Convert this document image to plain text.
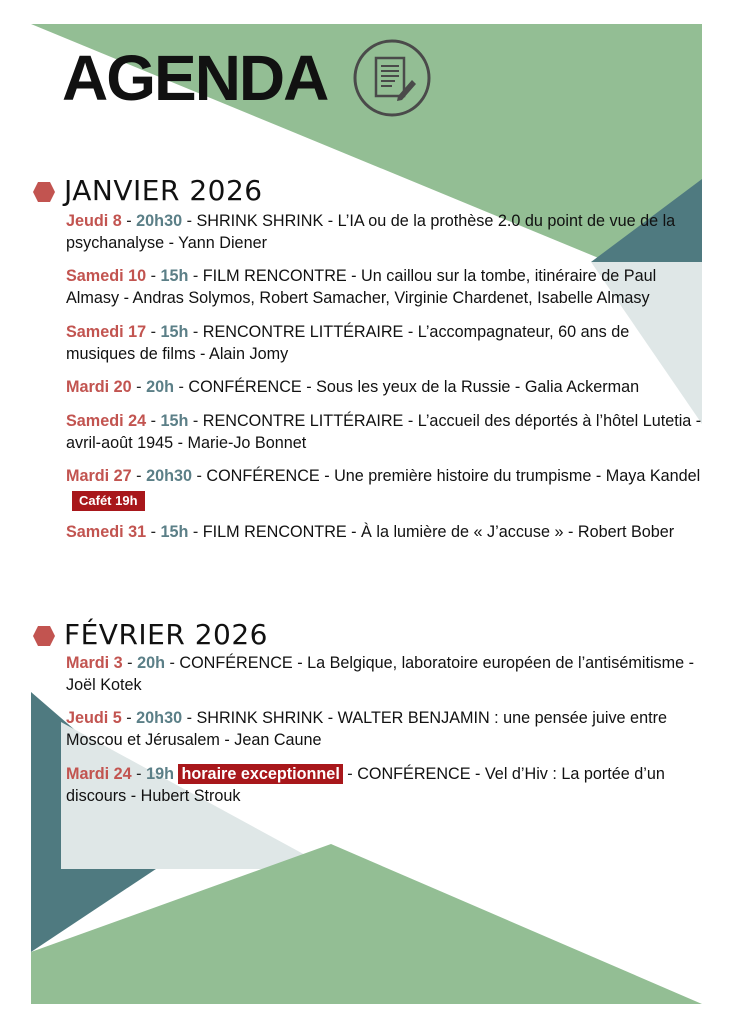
AGENDA
JANVIER 2026
Jeudi 8 - 20h30 - SHRINK SHRINK - L’IA ou de la prothèse 2.0 du point de vue de la psychanalyse - Yann Diener
Samedi 10 - 15h - FILM RENCONTRE - Un caillou sur la tombe, itinéraire de Paul Almasy - Andras Solymos, Robert Samacher, Virginie Chardenet, Isabelle Almasy
Samedi 17 - 15h - RENCONTRE LITTÉRAIRE - L’accompagnateur, 60 ans de musiques de films - Alain Jomy
Mardi 20 - 20h - CONFÉRENCE - Sous les yeux de la Russie - Galia Ackerman
Samedi 24 - 15h - RENCONTRE LITTÉRAIRE - L’accueil des déportés à l’hôtel Lutetia - avril-août 1945 - Marie-Jo Bonnet
Mardi 27 - 20h30 - CONFÉRENCE - Une première histoire du trumpisme - Maya KandelCafét 19h
Samedi 31 - 15h - FILM RENCONTRE - À la lumière de « J’accuse » - Robert Bober
FÉVRIER 2026
Mardi 3 - 20h - CONFÉRENCE - La Belgique, laboratoire européen de l’antisémitisme - Joël Kotek
Jeudi 5 - 20h30 - SHRINK SHRINK - WALTER BENJAMIN : une pensée juive entre Moscou et Jérusalem - Jean Caune
Mardi 24 - 19h horaire exceptionnel - CONFÉRENCE - Vel d’Hiv : La portée d’un discours - Hubert Strouk
